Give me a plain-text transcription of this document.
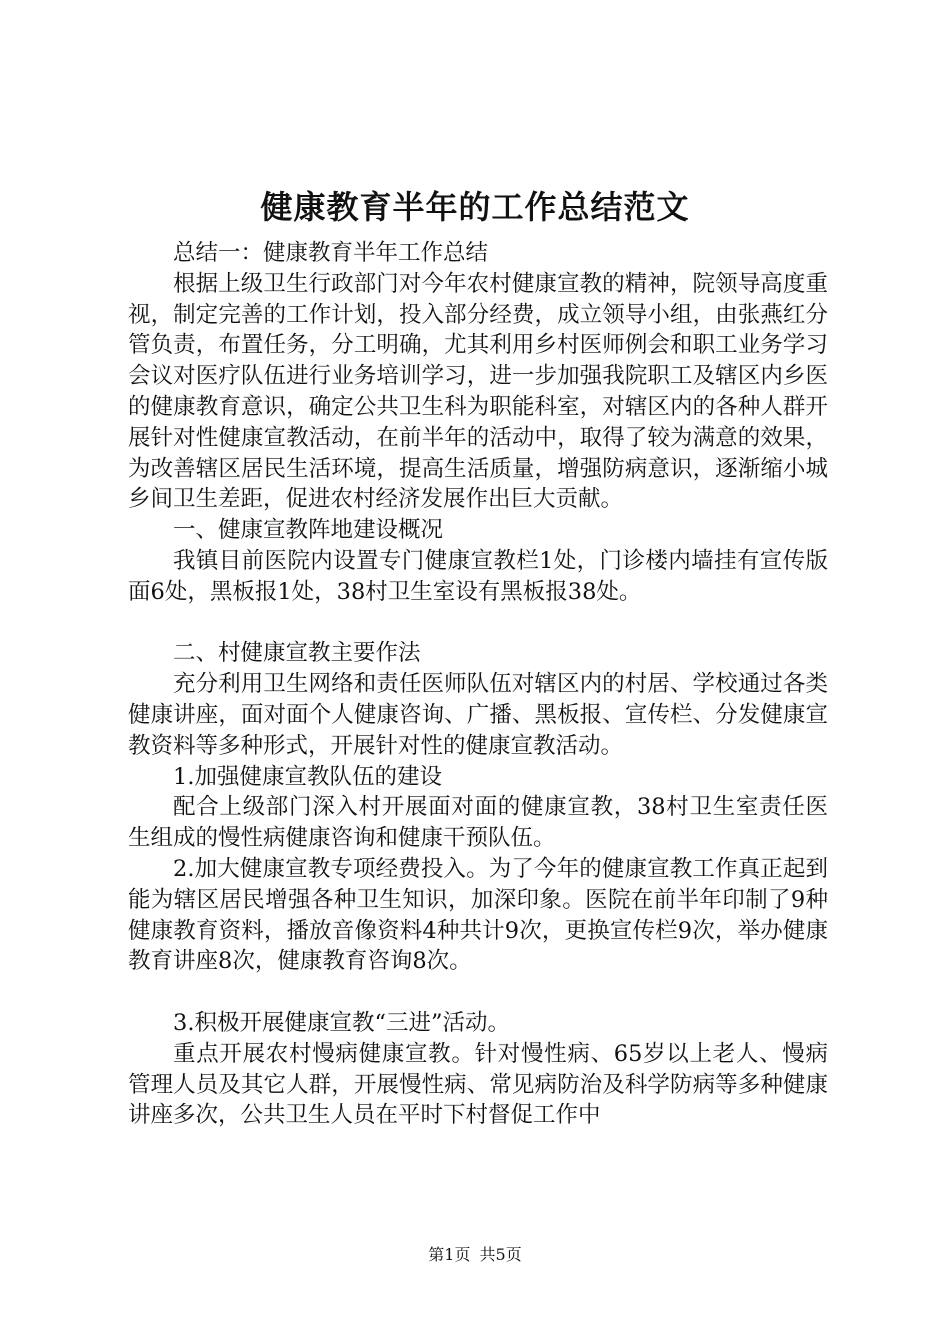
健康教育半年的工作总结范文

总结一：健康教育半年工作总结

根据上级卫生行政部门对今年农村健康宣教的精神，院领导高度重视，制定完善的工作计划，投入部分经费，成立领导小组，由张燕红分管负责，布置任务，分工明确，尤其利用乡村医师例会和职工业务学习会议对医疗队伍进行业务培训学习，进一步加强我院职工及辖区内乡医的健康教育意识，确定公共卫生科为职能科室，对辖区内的各种人群开展针对性健康宣教活动，在前半年的活动中，取得了较为满意的效果，为改善辖区居民生活环境，提高生活质量，增强防病意识，逐渐缩小城乡间卫生差距，促进农村经济发展作出巨大贡献。

一、健康宣教阵地建设概况

我镇目前医院内设置专门健康宣教栏1处，门诊楼内墙挂有宣传版面6处，黑板报1处，38村卫生室设有黑板报38处。

二、村健康宣教主要作法

充分利用卫生网络和责任医师队伍对辖区内的村居、学校通过各类健康讲座，面对面个人健康咨询、广播、黑板报、宣传栏、分发健康宣教资料等多种形式，开展针对性的健康宣教活动。

1.加强健康宣教队伍的建设

配合上级部门深入村开展面对面的健康宣教，38村卫生室责任医生组成的慢性病健康咨询和健康干预队伍。

2.加大健康宣教专项经费投入。为了今年的健康宣教工作真正起到能为辖区居民增强各种卫生知识，加深印象。医院在前半年印制了9种健康教育资料，播放音像资料4种共计9次，更换宣传栏9次，举办健康教育讲座8次，健康教育咨询8次。

3.积极开展健康宣教“三进”活动。

重点开展农村慢病健康宣教。针对慢性病、65岁以上老人、慢病管理人员及其它人群，开展慢性病、常见病防治及科学防病等多种健康讲座多次，公共卫生人员在平时下村督促工作中

第1页 共5页
